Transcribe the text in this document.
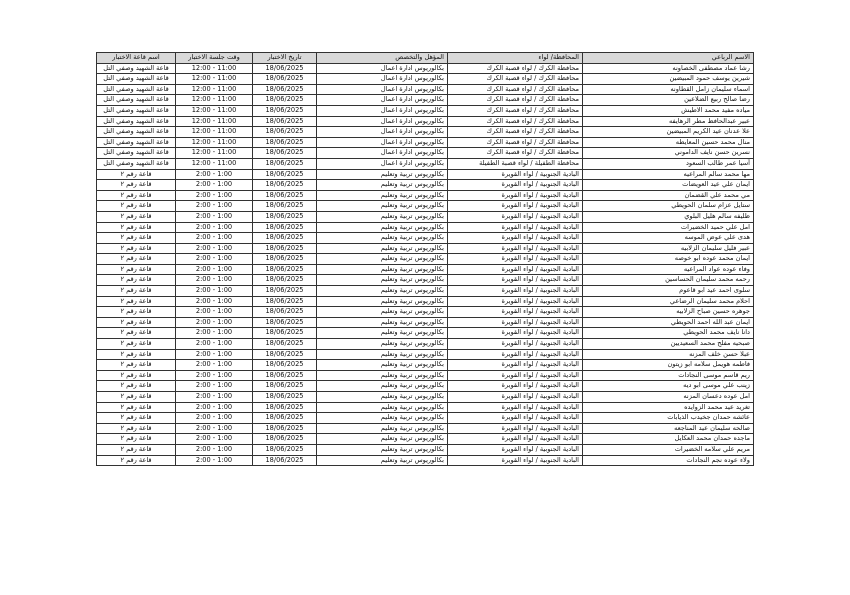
الاسم الرباعي	المحافظة/ لواء	المؤهل والتخصص	تاريخ الاختبار	وقت جلسة الاختبار	اسم قاعة الاختبار
رشا عماد مصطفى الخصاونه	محافظة الكرك / لواء قصبة الكرك	بكالوريوس ادارة اعمال	18/06/2025	11:00 - 12:00	قاعة الشهيد وصفي التل
شيرين يوسف حمود المبيضين	محافظة الكرك / لواء قصبة الكرك	بكالوريوس ادارة اعمال	18/06/2025	11:00 - 12:00	قاعة الشهيد وصفي التل
اسماء سليمان زامل القطاونه	محافظة الكرك / لواء قصبة الكرك	بكالوريوس ادارة اعمال	18/06/2025	11:00 - 12:00	قاعة الشهيد وصفي التل
رضا صالح ربيع الضلاعين	محافظة الكرك / لواء قصبة الكرك	بكالوريوس ادارة اعمال	18/06/2025	11:00 - 12:00	قاعة الشهيد وصفي التل
مياده مفيد محمد الاطيش	محافظة الكرك / لواء قصبة الكرك	بكالوريوس ادارة اعمال	18/06/2025	11:00 - 12:00	قاعة الشهيد وصفي التل
عبير عبدالحافظ مطر الرهايفه	محافظة الكرك / لواء قصبة الكرك	بكالوريوس ادارة اعمال	18/06/2025	11:00 - 12:00	قاعة الشهيد وصفي التل
علا عدنان عيد الكريم المبيضين	محافظة الكرك / لواء قصبة الكرك	بكالوريوس ادارة اعمال	18/06/2025	11:00 - 12:00	قاعة الشهيد وصفي التل
منال محمد حسين المعايطه	محافظة الكرك / لواء قصبة الكرك	بكالوريوس ادارة اعمال	18/06/2025	11:00 - 12:00	قاعة الشهيد وصفي التل
نسرين حسن نايف الداموني	محافظة الكرك / لواء قصبة الكرك	بكالوريوس ادارة اعمال	18/06/2025	11:00 - 12:00	قاعة الشهيد وصفي التل
آسيا عمر طالب السعود	محافظة الطفيلة / لواء قصبة الطفيلة	بكالوريوس ادارة اعمال	18/06/2025	11:00 - 12:00	قاعة الشهيد وصفي التل
مها محمد سالم المراعيه	البادية الجنوبية / لواء القويرة	بكالوريوس تربية وتعليم	18/06/2025	1:00 - 2:00	قاعة رقم ٢
ايمان علي عيد العويضات	البادية الجنوبية / لواء القويرة	بكالوريوس تربية وتعليم	18/06/2025	1:00 - 2:00	قاعة رقم ٢
مي محمد علي القضمان	البادية الجنوبية / لواء القويرة	بكالوريوس تربية وتعليم	18/06/2025	1:00 - 2:00	قاعة رقم ٢
ستايل عزام سلمان الحويطي	البادية الجنوبية / لواء القويرة	بكالوريوس تربية وتعليم	18/06/2025	1:00 - 2:00	قاعة رقم ٢
ظليفه سالم هليل البلوي	البادية الجنوبية / لواء القويرة	بكالوريوس تربية وتعليم	18/06/2025	1:00 - 2:00	قاعة رقم ٢
امل علي حميد الخضيرات	البادية الجنوبية / لواء القويرة	بكالوريوس تربية وتعليم	18/06/2025	1:00 - 2:00	قاعة رقم ٢
هدى علي عوض الموسه	البادية الجنوبية / لواء القويرة	بكالوريوس تربية وتعليم	18/06/2025	1:00 - 2:00	قاعة رقم ٢
عبير فليل سليمان الزلابيه	البادية الجنوبية / لواء القويرة	بكالوريوس تربية وتعليم	18/06/2025	1:00 - 2:00	قاعة رقم ٢
ايمان محمد عوده ابو خوصه	البادية الجنوبية / لواء القويرة	بكالوريوس تربية وتعليم	18/06/2025	1:00 - 2:00	قاعة رقم ٢
وفاء عوده عواد المراعيه	البادية الجنوبية / لواء القويرة	بكالوريوس تربية وتعليم	18/06/2025	1:00 - 2:00	قاعة رقم ٢
رحمه محمد سليمان الحساسين	البادية الجنوبية / لواء القويرة	بكالوريوس تربية وتعليم	18/06/2025	1:00 - 2:00	قاعة رقم ٢
سلوى احمد عيد ابو قاعوم	البادية الجنوبية / لواء القويرة	بكالوريوس تربية وتعليم	18/06/2025	1:00 - 2:00	قاعة رقم ٢
احلام محمد سليمان الرضاعي	البادية الجنوبية / لواء القويرة	بكالوريوس تربية وتعليم	18/06/2025	1:00 - 2:00	قاعة رقم ٢
جوهره حسين صباح الزلابيه	البادية الجنوبية / لواء القويرة	بكالوريوس تربية وتعليم	18/06/2025	1:00 - 2:00	قاعة رقم ٢
ايمان عبد الله احمد الحويطي	البادية الجنوبية / لواء القويرة	بكالوريوس تربية وتعليم	18/06/2025	1:00 - 2:00	قاعة رقم ٢
دانا نايف محمد الحويطي	البادية الجنوبية / لواء القويرة	بكالوريوس تربية وتعليم	18/06/2025	1:00 - 2:00	قاعة رقم ٢
صبحيه مفلح محمد السعيديين	البادية الجنوبية / لواء القويرة	بكالوريوس تربية وتعليم	18/06/2025	1:00 - 2:00	قاعة رقم ٢
عبلا حسن خلف المزنه	البادية الجنوبية / لواء القويرة	بكالوريوس تربية وتعليم	18/06/2025	1:00 - 2:00	قاعة رقم ٢
فاطمه هويمل سلامه ابو زيتون	البادية الجنوبية / لواء القويرة	بكالوريوس تربية وتعليم	18/06/2025	1:00 - 2:00	قاعة رقم ٢
ريم قاسم موسى النجادات	البادية الجنوبية / لواء القويرة	بكالوريوس تربية وتعليم	18/06/2025	1:00 - 2:00	قاعة رقم ٢
زينب علي موسى ابو ديه	البادية الجنوبية / لواء القويرة	بكالوريوس تربية وتعليم	18/06/2025	1:00 - 2:00	قاعة رقم ٢
امل عوده دعسان المزنه	البادية الجنوبية / لواء القويرة	بكالوريوس تربية وتعليم	18/06/2025	1:00 - 2:00	قاعة رقم ٢
تغريد عيد محمد الزوايده	البادية الجنوبية / لواء القويرة	بكالوريوس تربية وتعليم	18/06/2025	1:00 - 2:00	قاعة رقم ٢
عائشه حمدان جخيدب الذيابات	البادية الجنوبية / لواء القويرة	بكالوريوس تربية وتعليم	18/06/2025	1:00 - 2:00	قاعة رقم ٢
صالحه سليمان عيد المناجعه	البادية الجنوبية / لواء القويرة	بكالوريوس تربية وتعليم	18/06/2025	1:00 - 2:00	قاعة رقم ٢
ماجده حمدان محمد العكايل	البادية الجنوبية / لواء القويرة	بكالوريوس تربية وتعليم	18/06/2025	1:00 - 2:00	قاعة رقم ٢
مريم علي سلامه الخضيرات	البادية الجنوبية / لواء القويرة	بكالوريوس تربية وتعليم	18/06/2025	1:00 - 2:00	قاعة رقم ٢
ولاء عوده نجم النجادات	البادية الجنوبية / لواء القويرة	بكالوريوس تربية وتعليم	18/06/2025	1:00 - 2:00	قاعة رقم ٢
